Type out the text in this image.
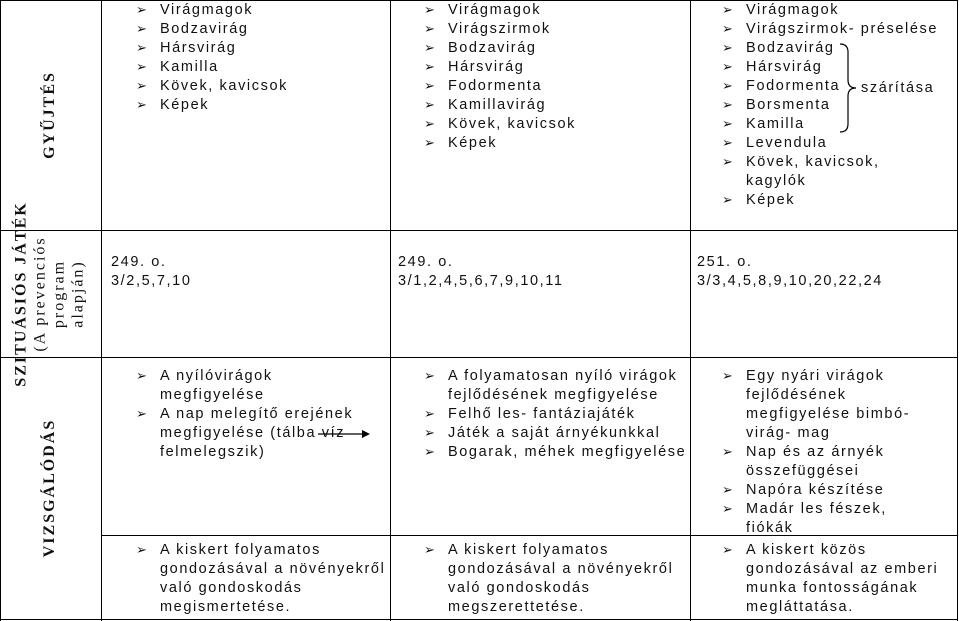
GYŰJTÉS
SZITUÁSIÓS JÁTÉK (A prevenciós program alapján)
VIZSGÁLÓDÁS
➢ Virágmagok
➢ Bodzavirág
➢ Hársvirág
➢ Kamilla
➢ Kövek, kavicsok
➢ Képek
➢ Virágmagok
➢ Virágszirmok
➢ Bodzavirág
➢ Hársvirág
➢ Fodormenta
➢ Kamillavirág
➢ Kövek, kavicsok
➢ Képek
➢ Virágmagok
➢ Virágszirmok- préselése
➢ Bodzavirág
➢ Hársvirág
➢ Fodormenta
➢ Borsmenta
➢ Kamilla
➢ Levendula
➢ Kövek, kavicsok, kagylók
➢ Képek
szárítása
249. o.
3/2,5,7,10
249. o.
3/1,2,4,5,6,7,9,10,11
251. o.
3/3,4,5,8,9,10,20,22,24
➢ A nyílóvirágok megfigyelése
➢ A nap melegítő erejének megfigyelése (tálba víz felmelegszik)
➢ A folyamatosan nyíló virágok fejlődésének megfigyelése
➢ Felhő les- fantáziajáték
➢ Játék a saját árnyékunkkal
➢ Bogarak, méhek megfigyelése
➢ Egy nyári virágok fejlődésének megfigyelése bimbó-virág- mag
➢ Nap és az árnyék összefüggései
➢ Napóra készítése
➢ Madár les fészek, fiókák
➢ A kiskert folyamatos gondozásával a növényekről való gondoskodás megismertetése.
➢ A kiskert folyamatos gondozásával a növényekről való gondoskodás megszerettetése.
➢ A kiskert közös gondozásával az emberi munka fontosságának megláttatása.
